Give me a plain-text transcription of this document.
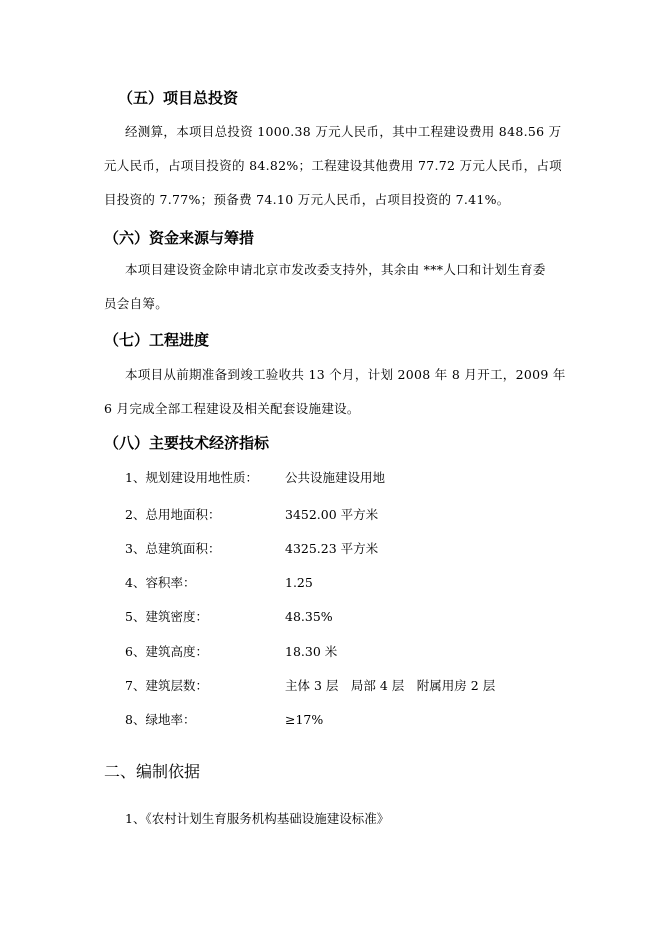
（五）项目总投资
经测算，本项目总投资 1000.38 万元人民币，其中工程建设费用 848.56 万
元人民币，占项目投资的 84.82%；工程建设其他费用 77.72 万元人民币，占项
目投资的 7.77%；预备费 74.10 万元人民币，占项目投资的 7.41%。
（六）资金来源与筹措
本项目建设资金除申请北京市发改委支持外，其余由 ***人口和计划生育委
员会自筹。
（七）工程进度
本项目从前期准备到竣工验收共 13 个月，计划 2008 年 8 月开工，2009 年
6 月完成全部工程建设及相关配套设施建设。
（八）主要技术经济指标
1、规划建设用地性质： 公共设施建设用地
2、总用地面积：	3452.00 平方米
3、总建筑面积：	4325.23 平方米
4、容积率：	1.25
5、建筑密度：	48.35%
6、建筑高度：	18.30 米
7、建筑层数：	主体 3 层　局部 4 层　附属用房 2 层
8、绿地率：	≥17%
二、编制依据
1、《农村计划生育服务机构基础设施建设标准》
